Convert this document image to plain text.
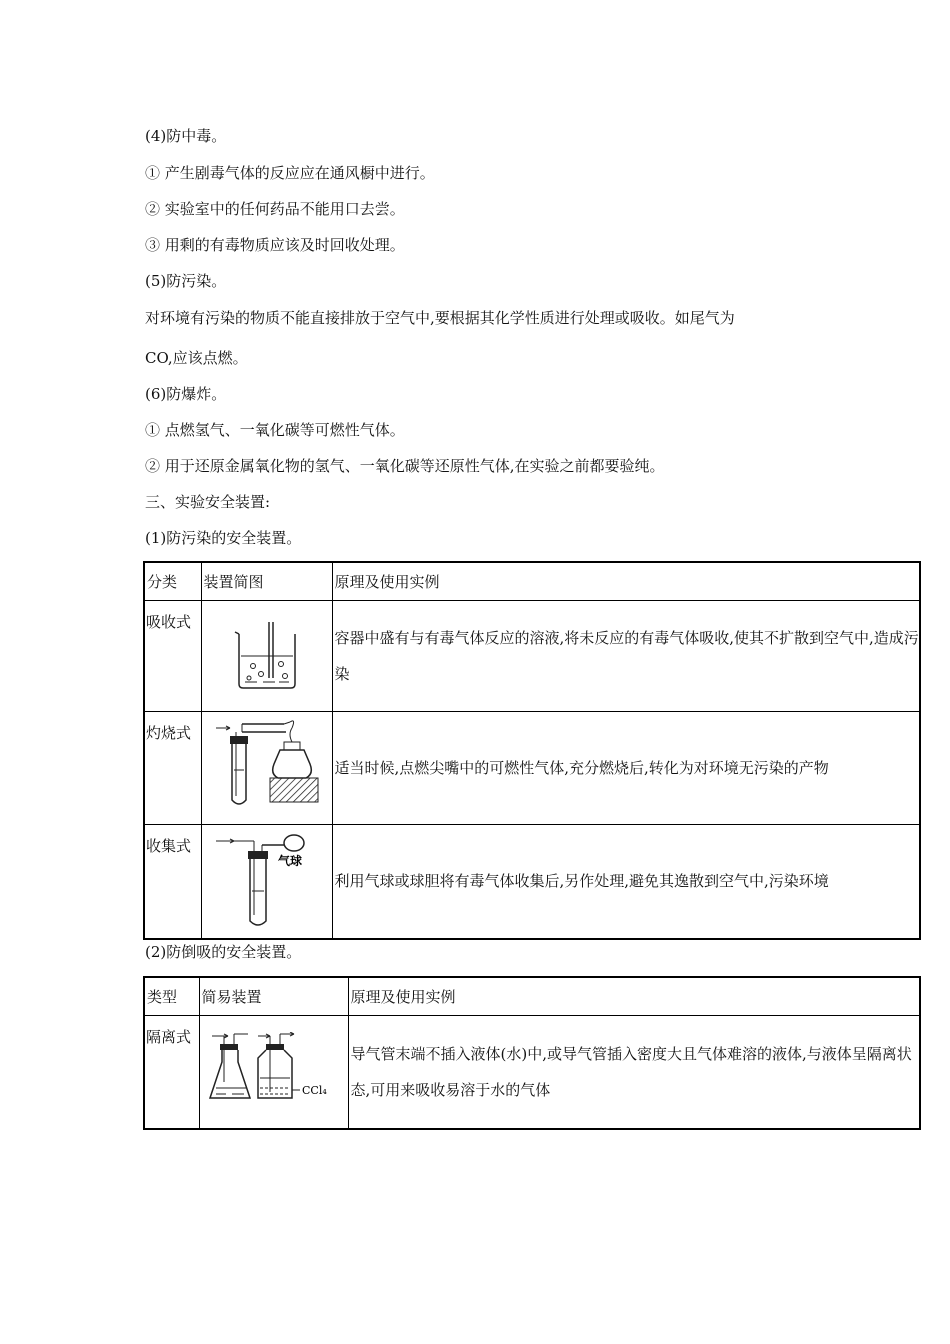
(4)防中毒。
① 产生剧毒气体的反应应在通风橱中进行。
② 实验室中的任何药品不能用口去尝。
③ 用剩的有毒物质应该及时回收处理。
(5)防污染。
对环境有污染的物质不能直接排放于空气中,要根据其化学性质进行处理或吸收。如尾气为
CO,应该点燃。
(6)防爆炸。
① 点燃氢气、一氧化碳等可燃性气体。
② 用于还原金属氧化物的氢气、一氧化碳等还原性气体,在实验之前都要验纯。
三、实验安全装置:
(1)防污染的安全装置。
分类	装置简图	原理及使用实例
吸收式		容器中盛有与有毒气体反应的溶液,将未反应的有毒气体吸收,使其不扩散到空气中,造成污染
灼烧式		适当时候,点燃尖嘴中的可燃性气体,充分燃烧后,转化为对环境无污染的产物
收集式	气球	利用气球或球胆将有毒气体收集后,另作处理,避免其逸散到空气中,污染环境
(2)防倒吸的安全装置。
类型	简易装置	原理及使用实例
隔离式	CCl₄	导气管末端不插入液体(水)中,或导气管插入密度大且气体难溶的液体,与液体呈隔离状态,可用来吸收易溶于水的气体
